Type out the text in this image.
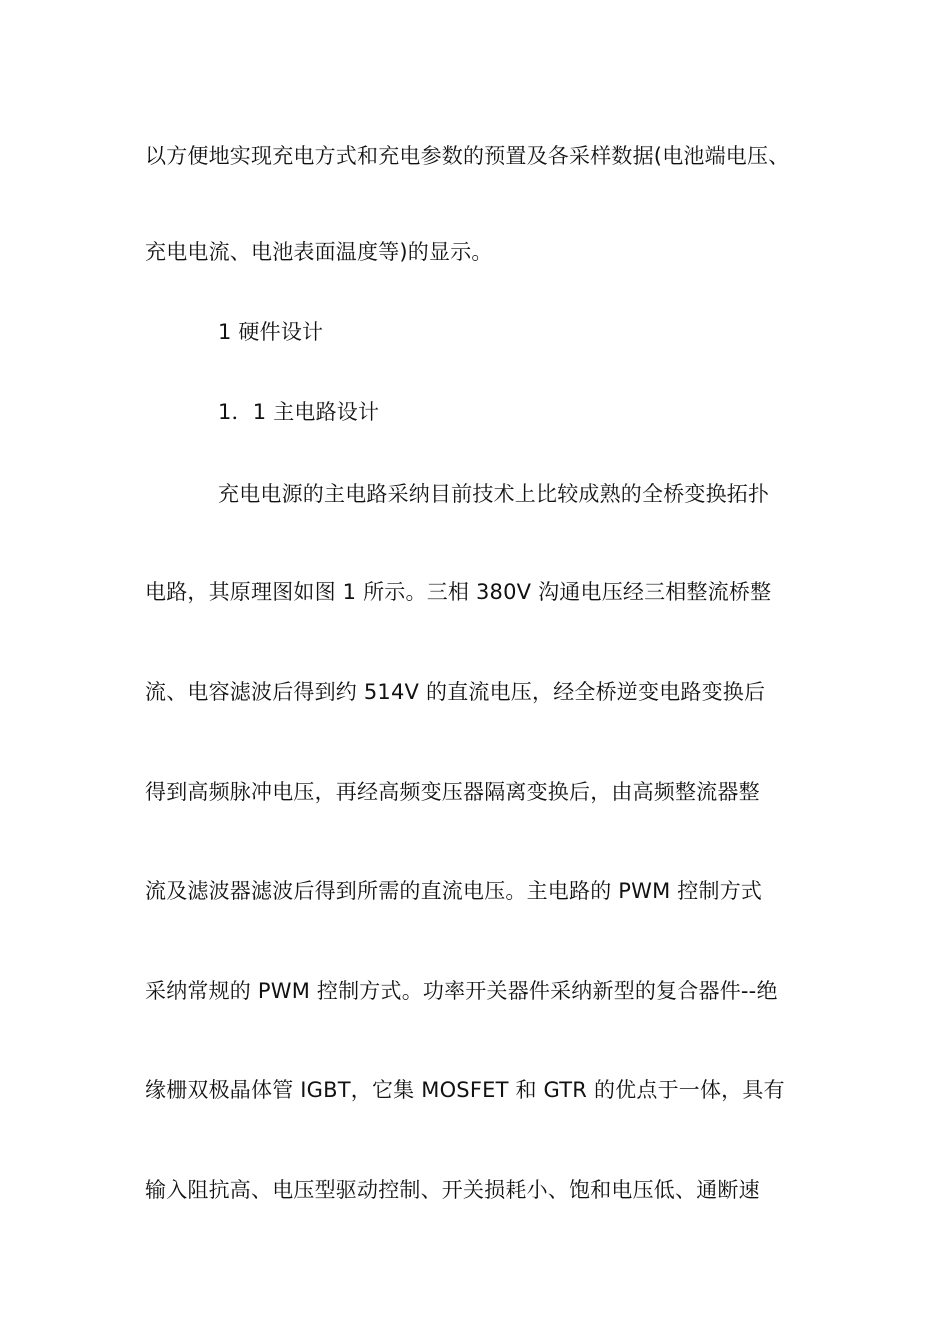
以方便地实现充电方式和充电参数的预置及各采样数据(电池端电压、
充电电流、电池表面温度等)的显示。
1 硬件设计
1．1 主电路设计
充电电源的主电路采纳目前技术上比较成熟的全桥变换拓扑
电路，其原理图如图 1 所示。三相 380V 沟通电压经三相整流桥整
流、电容滤波后得到约 514V 的直流电压，经全桥逆变电路变换后
得到高频脉冲电压，再经高频变压器隔离变换后，由高频整流器整
流及滤波器滤波后得到所需的直流电压。主电路的 PWM 控制方式
采纳常规的 PWM 控制方式。功率开关器件采纳新型的复合器件--绝
缘栅双极晶体管 IGBT，它集 MOSFET 和 GTR 的优点于一体，具有
输入阻抗高、电压型驱动控制、开关损耗小、饱和电压低、通断速
